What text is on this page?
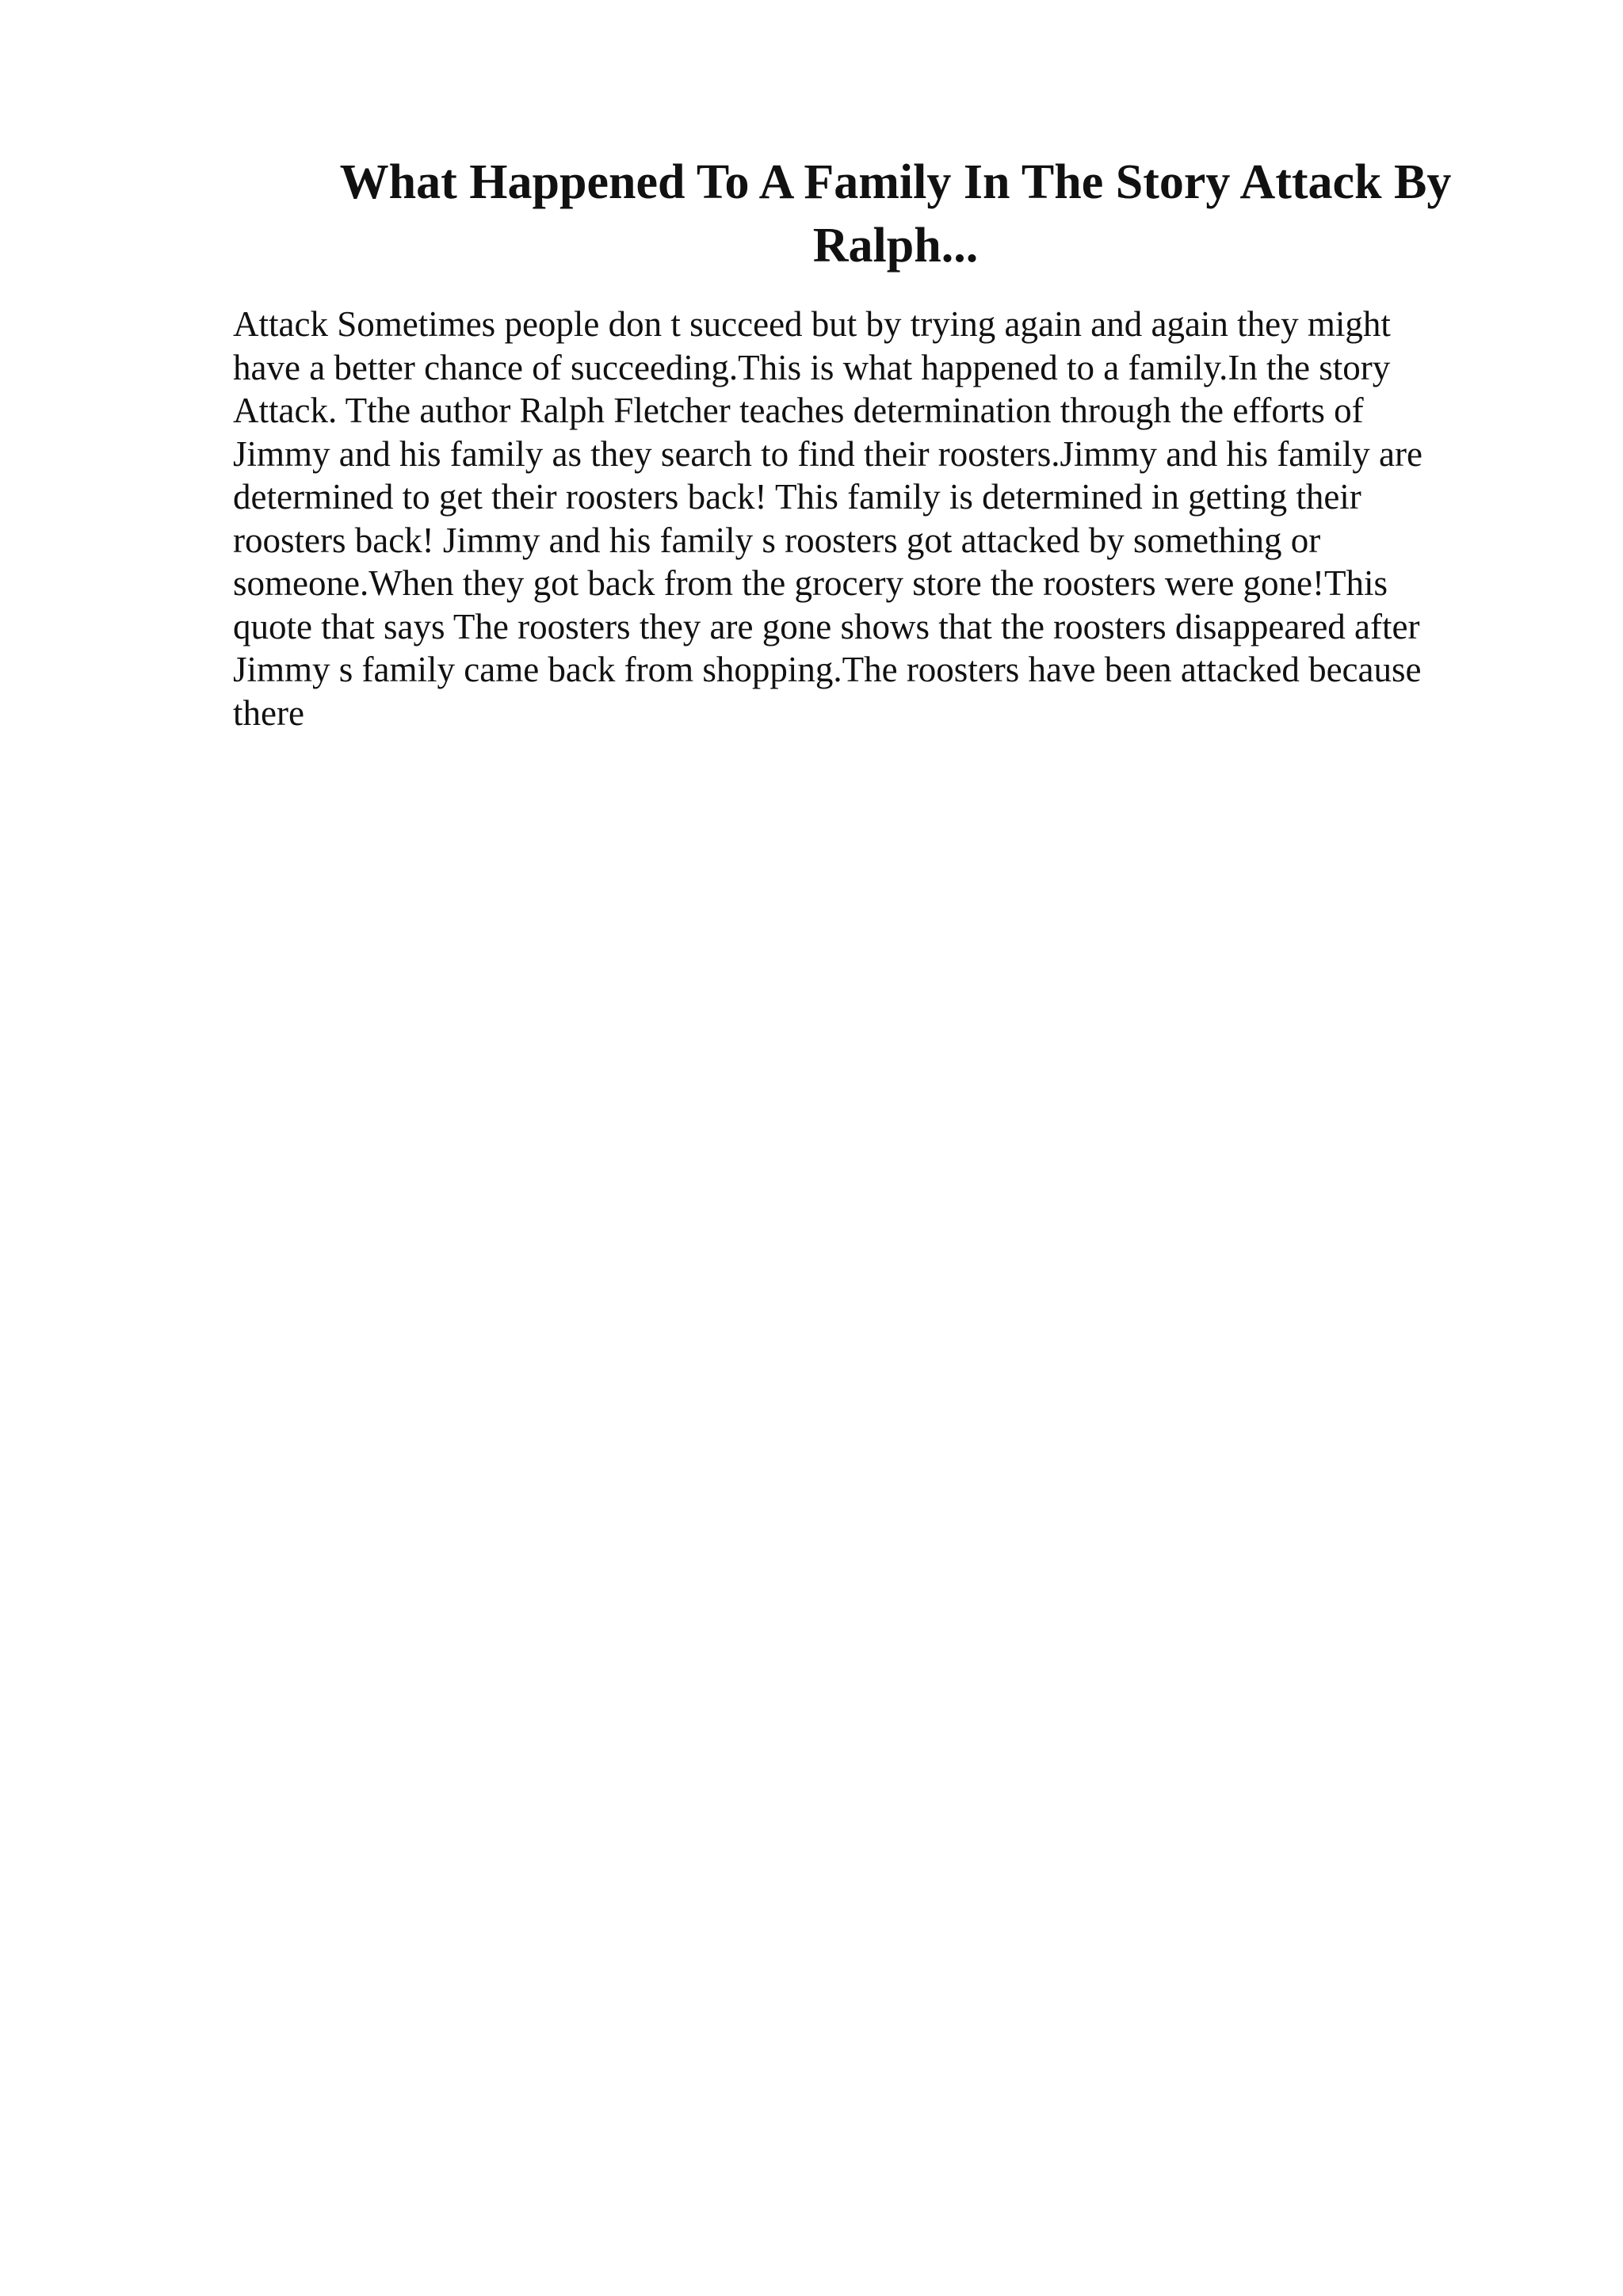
What Happened To A Family In The Story Attack By
Ralph...
Attack Sometimes people don t succeed but by trying again and again they might
have a better chance of succeeding.This is what happened to a family.In the story
Attack. Tthe author Ralph Fletcher teaches determination through the efforts of
Jimmy and his family as they search to find their roosters.Jimmy and his family are
determined to get their roosters back! This family is determined in getting their
roosters back! Jimmy and his family s roosters got attacked by something or
someone.When they got back from the grocery store the roosters were gone!This
quote that says The roosters they are gone shows that the roosters disappeared after
Jimmy s family came back from shopping.The roosters have been attacked because
there
